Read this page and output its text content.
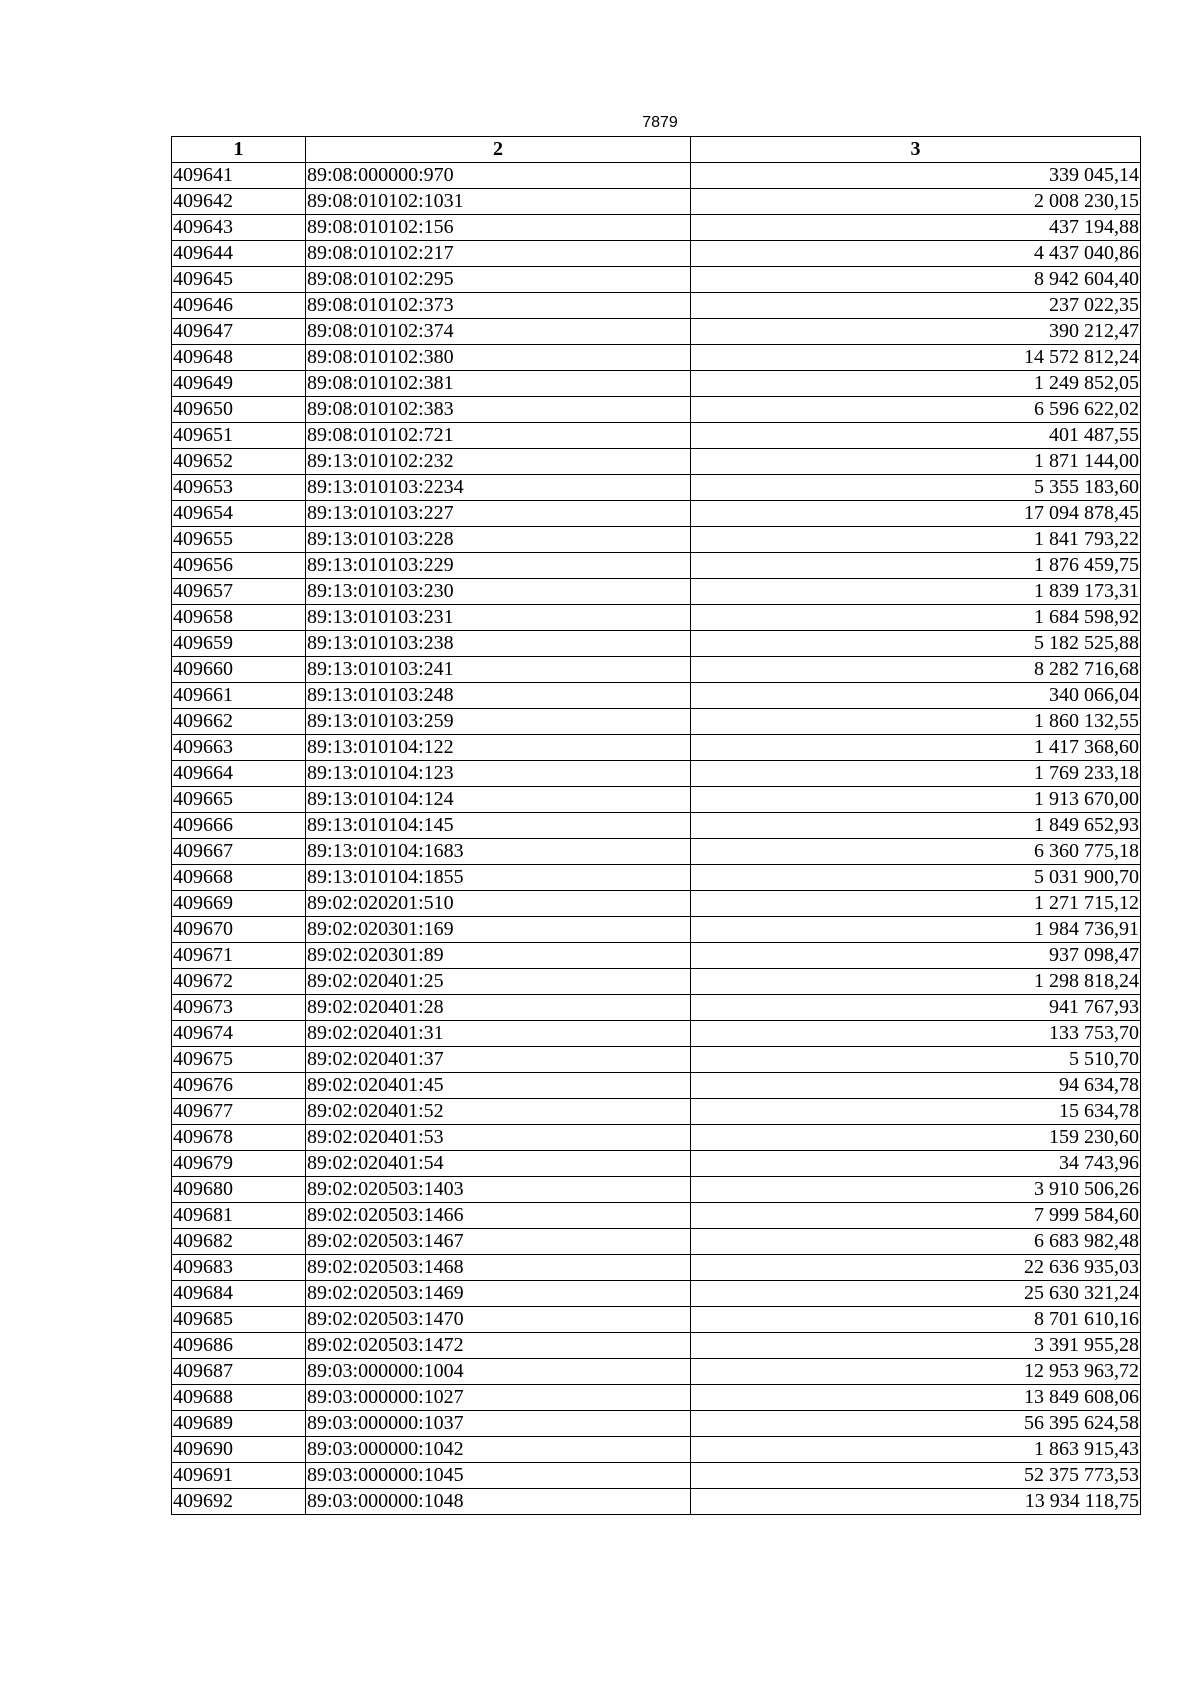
7879
1	2	3
409641	89:08:000000:970	339 045,14
409642	89:08:010102:1031	2 008 230,15
409643	89:08:010102:156	437 194,88
409644	89:08:010102:217	4 437 040,86
409645	89:08:010102:295	8 942 604,40
409646	89:08:010102:373	237 022,35
409647	89:08:010102:374	390 212,47
409648	89:08:010102:380	14 572 812,24
409649	89:08:010102:381	1 249 852,05
409650	89:08:010102:383	6 596 622,02
409651	89:08:010102:721	401 487,55
409652	89:13:010102:232	1 871 144,00
409653	89:13:010103:2234	5 355 183,60
409654	89:13:010103:227	17 094 878,45
409655	89:13:010103:228	1 841 793,22
409656	89:13:010103:229	1 876 459,75
409657	89:13:010103:230	1 839 173,31
409658	89:13:010103:231	1 684 598,92
409659	89:13:010103:238	5 182 525,88
409660	89:13:010103:241	8 282 716,68
409661	89:13:010103:248	340 066,04
409662	89:13:010103:259	1 860 132,55
409663	89:13:010104:122	1 417 368,60
409664	89:13:010104:123	1 769 233,18
409665	89:13:010104:124	1 913 670,00
409666	89:13:010104:145	1 849 652,93
409667	89:13:010104:1683	6 360 775,18
409668	89:13:010104:1855	5 031 900,70
409669	89:02:020201:510	1 271 715,12
409670	89:02:020301:169	1 984 736,91
409671	89:02:020301:89	937 098,47
409672	89:02:020401:25	1 298 818,24
409673	89:02:020401:28	941 767,93
409674	89:02:020401:31	133 753,70
409675	89:02:020401:37	5 510,70
409676	89:02:020401:45	94 634,78
409677	89:02:020401:52	15 634,78
409678	89:02:020401:53	159 230,60
409679	89:02:020401:54	34 743,96
409680	89:02:020503:1403	3 910 506,26
409681	89:02:020503:1466	7 999 584,60
409682	89:02:020503:1467	6 683 982,48
409683	89:02:020503:1468	22 636 935,03
409684	89:02:020503:1469	25 630 321,24
409685	89:02:020503:1470	8 701 610,16
409686	89:02:020503:1472	3 391 955,28
409687	89:03:000000:1004	12 953 963,72
409688	89:03:000000:1027	13 849 608,06
409689	89:03:000000:1037	56 395 624,58
409690	89:03:000000:1042	1 863 915,43
409691	89:03:000000:1045	52 375 773,53
409692	89:03:000000:1048	13 934 118,75
